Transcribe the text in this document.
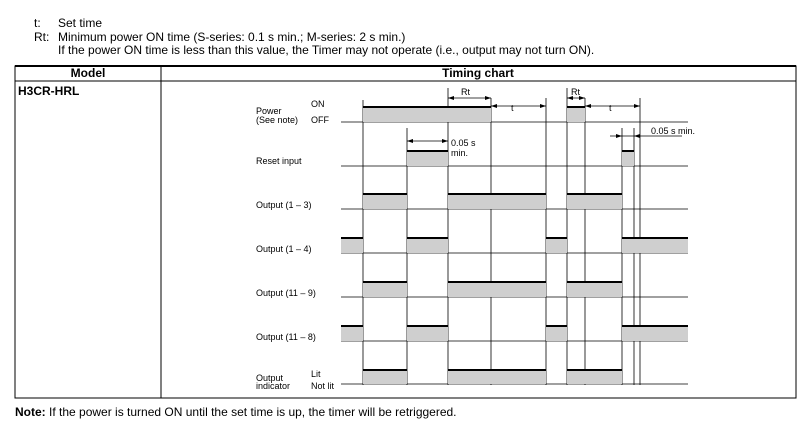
t: Set time
Rt: Minimum power ON time (S-series: 0.1 s min.; M-series: 2 s min.)
If the power ON time is less than this value, the Timer may not operate (i.e., output may not turn ON).
Model	Timing chart
H3CR-HRL
Power
(See note)
ON
OFF
Reset input
Output (1 – 3)
Output (1 – 4)
Output (11 – 9)
Output (11 – 8)
Output
indicator
Lit
Not lit
Rt
t
Rt
t
0.05 s
min.
0.05 s min.
Note: If the power is turned ON until the set time is up, the timer will be retriggered.
